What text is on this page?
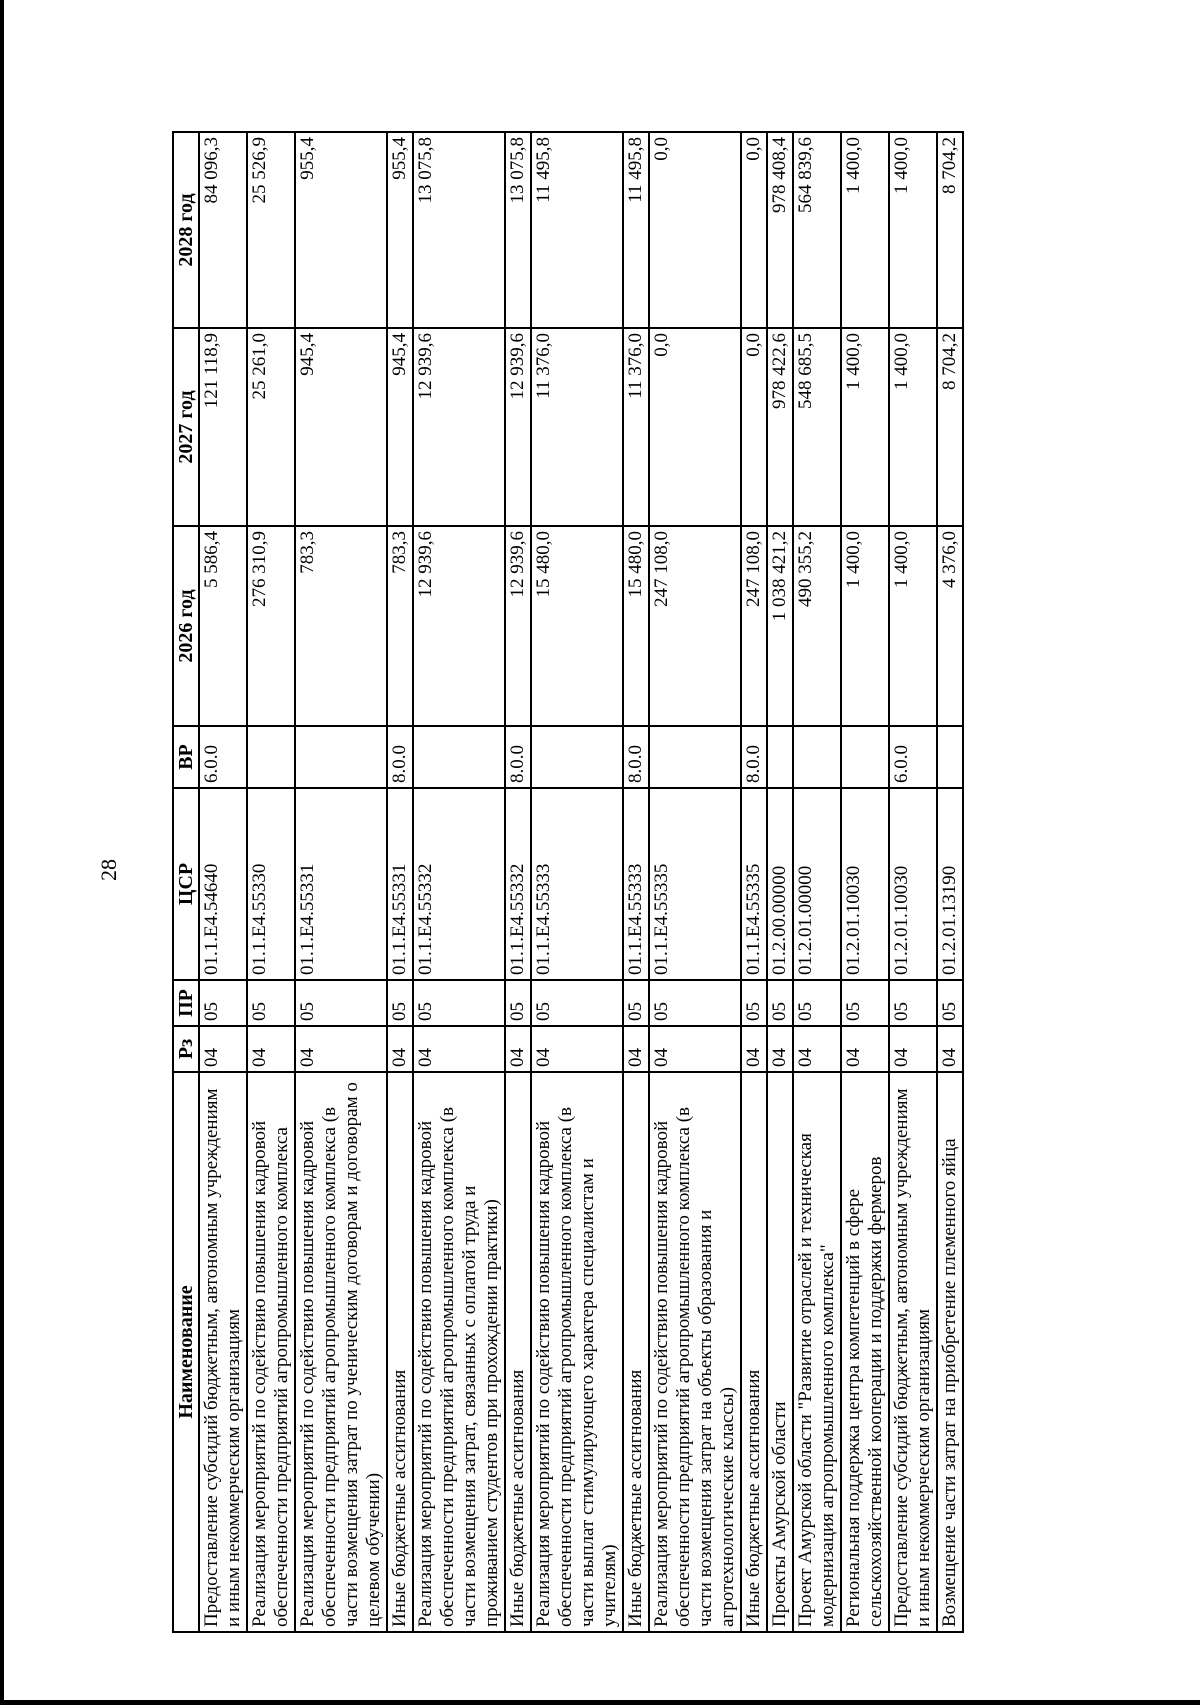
28
Наименование	Рз	ПР	ЦСР	ВР	2026 год	2027 год	2028 год
Предоставление субсидий бюджетным, автономным учреждениям и иным некоммерческим организациям	04	05	01.1.Е4.54640	6.0.0	5 586,4	121 118,9	84 096,3
Реализация мероприятий по содействию повышения кадровой обеспеченности предприятий агропромышленного комплекса	04	05	01.1.Е4.55330		276 310,9	25 261,0	25 526,9
Реализация мероприятий по содействию повышения кадровой обеспеченности предприятий агропромышленного комплекса (в части возмещения затрат по ученическим договорам и договорам о целевом обучении)	04	05	01.1.Е4.55331		783,3	945,4	955,4
Иные бюджетные ассигнования	04	05	01.1.Е4.55331	8.0.0	783,3	945,4	955,4
Реализация мероприятий по содействию повышения кадровой обеспеченности предприятий агропромышленного комплекса (в части возмещения затрат, связанных с оплатой труда и проживанием студентов при прохождении практики)	04	05	01.1.Е4.55332		12 939,6	12 939,6	13 075,8
Иные бюджетные ассигнования	04	05	01.1.Е4.55332	8.0.0	12 939,6	12 939,6	13 075,8
Реализация мероприятий по содействию повышения кадровой обеспеченности предприятий агропромышленного комплекса (в части выплат стимулирующего характера специалистам и учителям)	04	05	01.1.Е4.55333		15 480,0	11 376,0	11 495,8
Иные бюджетные ассигнования	04	05	01.1.Е4.55333	8.0.0	15 480,0	11 376,0	11 495,8
Реализация мероприятий по содействию повышения кадровой обеспеченности предприятий агропромышленного комплекса (в части возмещения затрат на объекты образования и агротехнологические классы)	04	05	01.1.Е4.55335		247 108,0	0,0	0,0
Иные бюджетные ассигнования	04	05	01.1.Е4.55335	8.0.0	247 108,0	0,0	0,0
Проекты Амурской области	04	05	01.2.00.00000		1 038 421,2	978 422,6	978 408,4
Проект Амурской области "Развитие отраслей и техническая модернизация агропромышленного комплекса"	04	05	01.2.01.00000		490 355,2	548 685,5	564 839,6
Региональная поддержка центра компетенций в сфере сельскохозяйственной кооперации и поддержки фермеров	04	05	01.2.01.10030		1 400,0	1 400,0	1 400,0
Предоставление субсидий бюджетным, автономным учреждениям и иным некоммерческим организациям	04	05	01.2.01.10030	6.0.0	1 400,0	1 400,0	1 400,0
Возмещение части затрат на приобретение племенного яйца	04	05	01.2.01.13190		4 376,0	8 704,2	8 704,2
